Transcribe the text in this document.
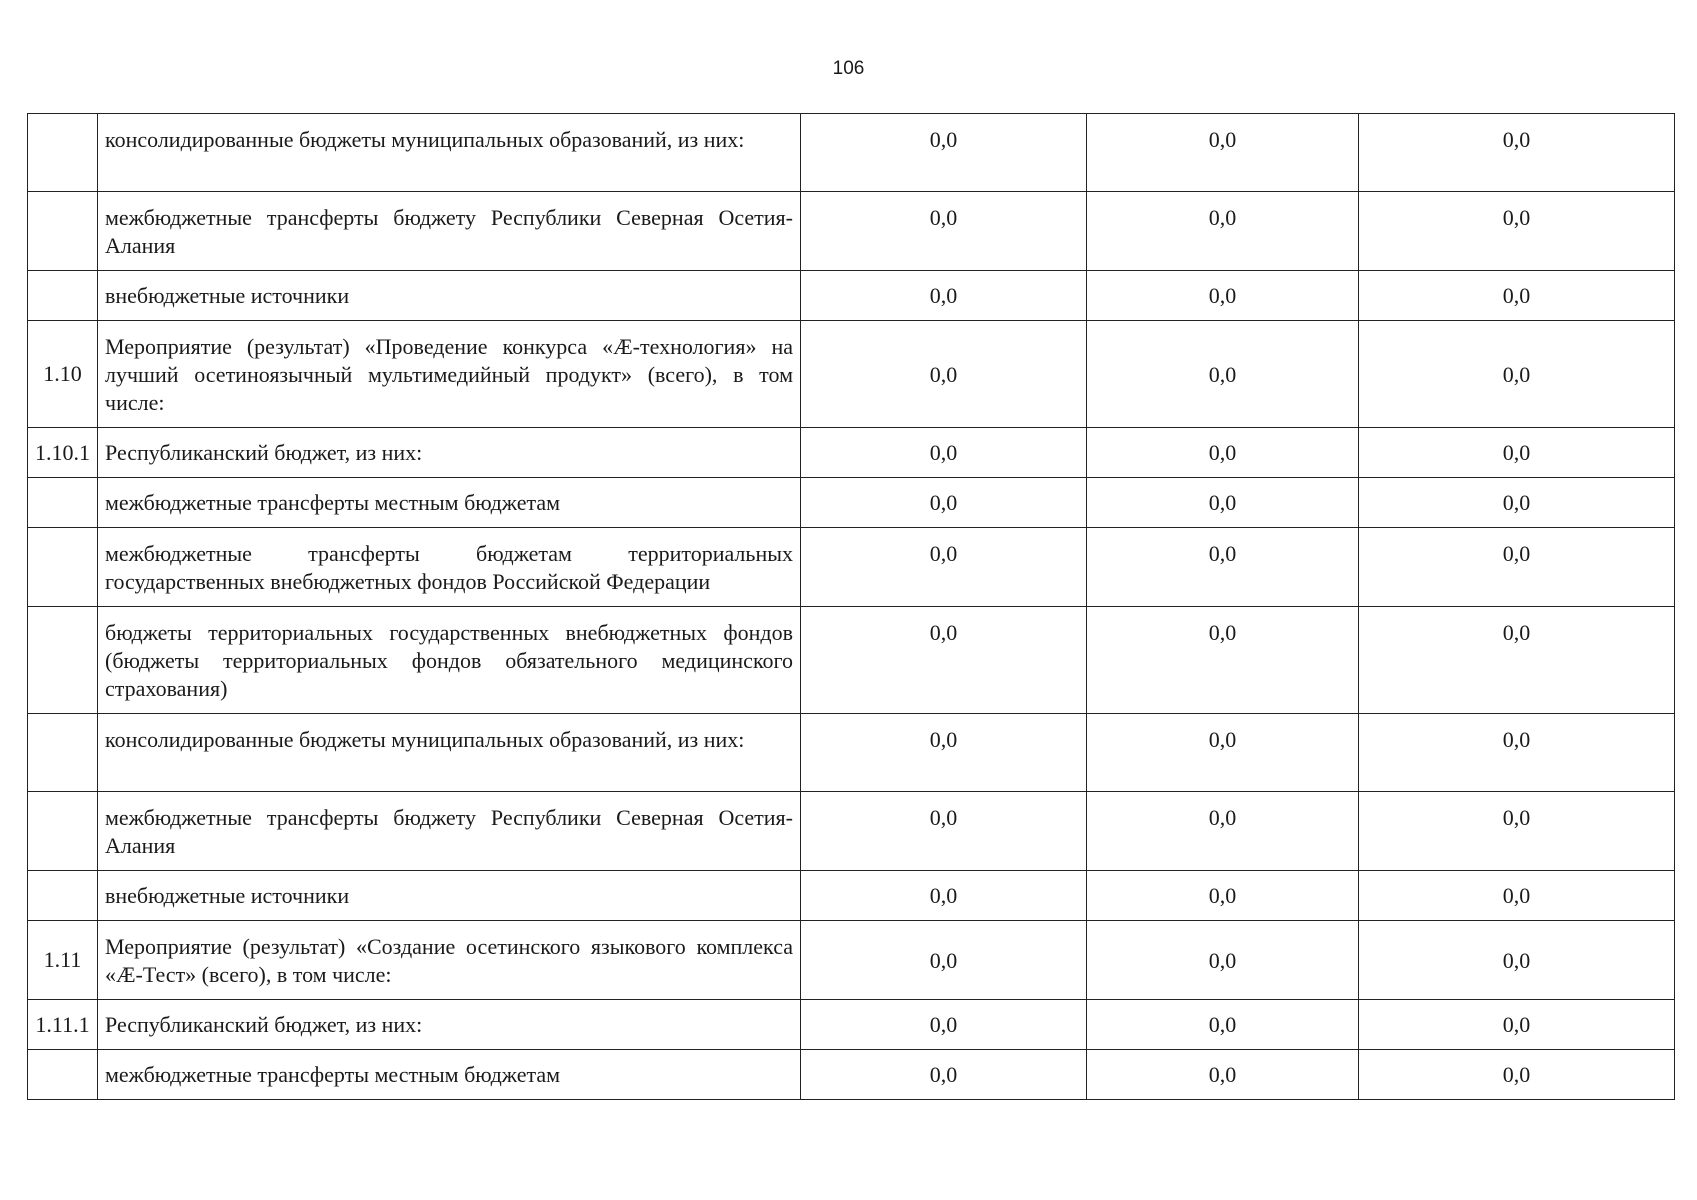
106
	консолидированные бюджеты муниципальных образований, из них:	0,0	0,0	0,0
	межбюджетные трансферты бюджету Республики Северная Осетия-Алания	0,0	0,0	0,0
	внебюджетные источники	0,0	0,0	0,0
1.10	Мероприятие (результат) «Проведение конкурса «Æ-технология» на лучший осетиноязычный мультимедийный продукт» (всего), в том числе:	0,0	0,0	0,0
1.10.1	Республиканский бюджет, из них:	0,0	0,0	0,0
	межбюджетные трансферты местным бюджетам	0,0	0,0	0,0
	межбюджетные трансферты бюджетам территориальных государственных внебюджетных фондов Российской Федерации	0,0	0,0	0,0
	бюджеты территориальных государственных внебюджетных фондов (бюджеты территориальных фондов обязательного медицинского страхования)	0,0	0,0	0,0
	консолидированные бюджеты муниципальных образований, из них:	0,0	0,0	0,0
	межбюджетные трансферты бюджету Республики Северная Осетия-Алания	0,0	0,0	0,0
	внебюджетные источники	0,0	0,0	0,0
1.11	Мероприятие (результат) «Создание осетинского языкового комплекса «Æ-Тест» (всего), в том числе:	0,0	0,0	0,0
1.11.1	Республиканский бюджет, из них:	0,0	0,0	0,0
	межбюджетные трансферты местным бюджетам	0,0	0,0	0,0
